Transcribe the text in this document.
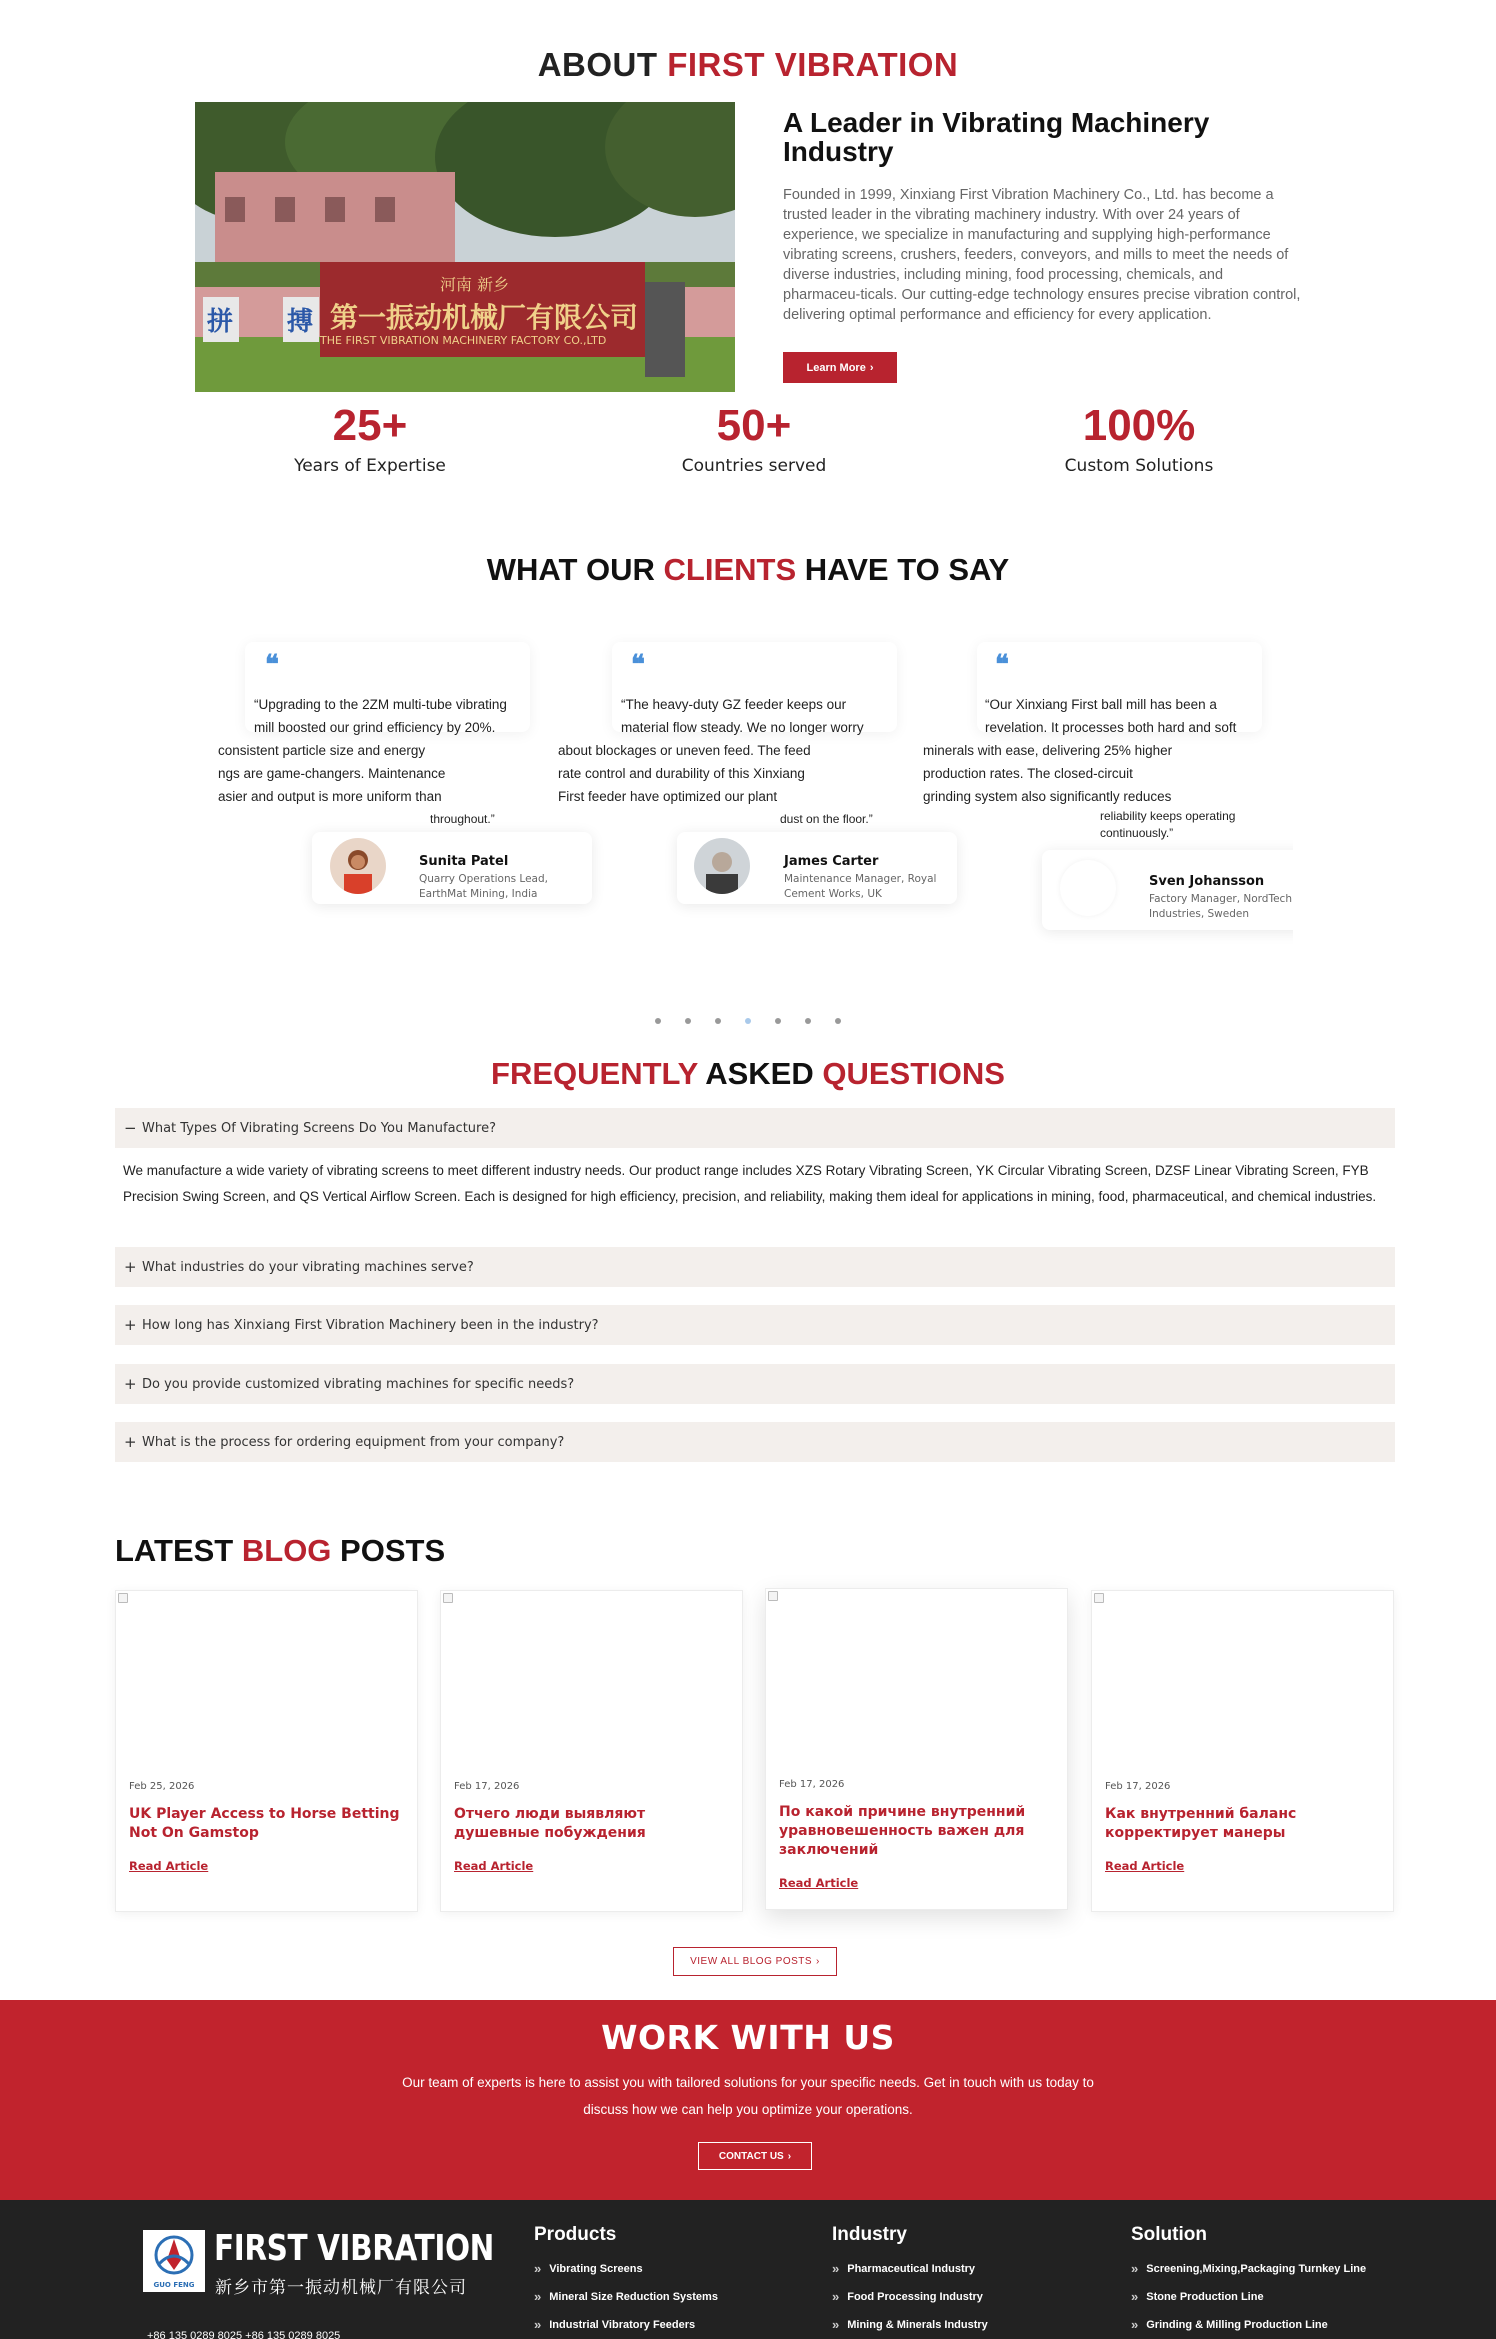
ABOUT FIRST VIBRATION
河南 新乡
第一振动机械厂有限公司
THE FIRST VIBRATION MACHINERY FACTORY CO.,LTD
拼 搏
A Leader in Vibrating Machinery Industry

Founded in 1999, Xinxiang First Vibration Machinery Co., Ltd. has become a trusted leader in the vibrating machinery industry. With over 24 years of experience, we specialize in manufacturing and supplying high-performance vibrating screens, crushers, feeders, conveyors, and mills to meet the needs of diverse industries, including mining, food processing, chemicals, and pharmaceu-ticals. Our cutting-edge technology ensures precise vibration control, delivering optimal performance and efficiency for every application.

Learn More ›
25+
Years of Expertise
50+
Countries served
100%
Custom Solutions
WHAT OUR CLIENTS HAVE TO SAY
❝
“Upgrading to the 2ZM multi-tube vibrating
mill boosted our grind efficiency by 20%.
consistent particle size and energy
ngs are game-changers. Maintenance
asier and output is more uniform than
throughout.”
Sunita Patel
Quarry Operations Lead,
EarthMat Mining, India
❝
“The heavy-duty GZ feeder keeps our
material flow steady. We no longer worry
about blockages or uneven feed. The feed
rate control and durability of this Xinxiang
First feeder have optimized our plant
dust on the floor.”
James Carter
Maintenance Manager, Royal
Cement Works, UK
❝
“Our Xinxiang First ball mill has been a
revelation. It processes both hard and soft
minerals with ease, delivering 25% higher
production rates. The closed-circuit
grinding system also significantly reduces
reliability keeps operating continuously.”
Sven Johansson
Factory Manager, NordTech
Industries, Sweden
FREQUENTLY ASKED QUESTIONS
− What Types Of Vibrating Screens Do You Manufacture?

We manufacture a wide variety of vibrating screens to meet different industry needs. Our product range includes XZS Rotary Vibrating Screen, YK Circular Vibrating Screen, DZSF Linear Vibrating Screen, FYB Precision Swing Screen, and QS Vertical Airflow Screen. Each is designed for high efficiency, precision, and reliability, making them ideal for applications in mining, food, pharmaceutical, and chemical industries.

+ What industries do your vibrating machines serve?
+ How long has Xinxiang First Vibration Machinery been in the industry?
+ Do you provide customized vibrating machines for specific needs?
+ What is the process for ordering equipment from your company?
LATEST BLOG POSTS
Feb 25, 2026
UK Player Access to Horse Betting Not On Gamstop
Read Article
Feb 17, 2026
Отчего люди выявляют душевные побуждения
Read Article
Feb 17, 2026
По какой причине внутренний уравновешенность важен для заключений
Read Article
Feb 17, 2026
Как внутренний баланс корректирует манеры
Read Article
VIEW ALL BLOG POSTS ›
WORK WITH US

Our team of experts is here to assist you with tailored solutions for your specific needs. Get in touch with us today to discuss how we can help you optimize your operations.

CONTACT US ›
GUO FENG
FIRST VIBRATION
新乡市第一振动机械厂有限公司
+86 135 0289 8025 +86 135 0289 8025
Products
» Vibrating Screens
» Mineral Size Reduction Systems
» Industrial Vibratory Feeders
Industry
» Pharmaceutical Industry
» Food Processing Industry
» Mining & Minerals Industry
Solution
» Screening,Mixing,Packaging Turnkey Line
» Stone Production Line
» Grinding & Milling Production Line
